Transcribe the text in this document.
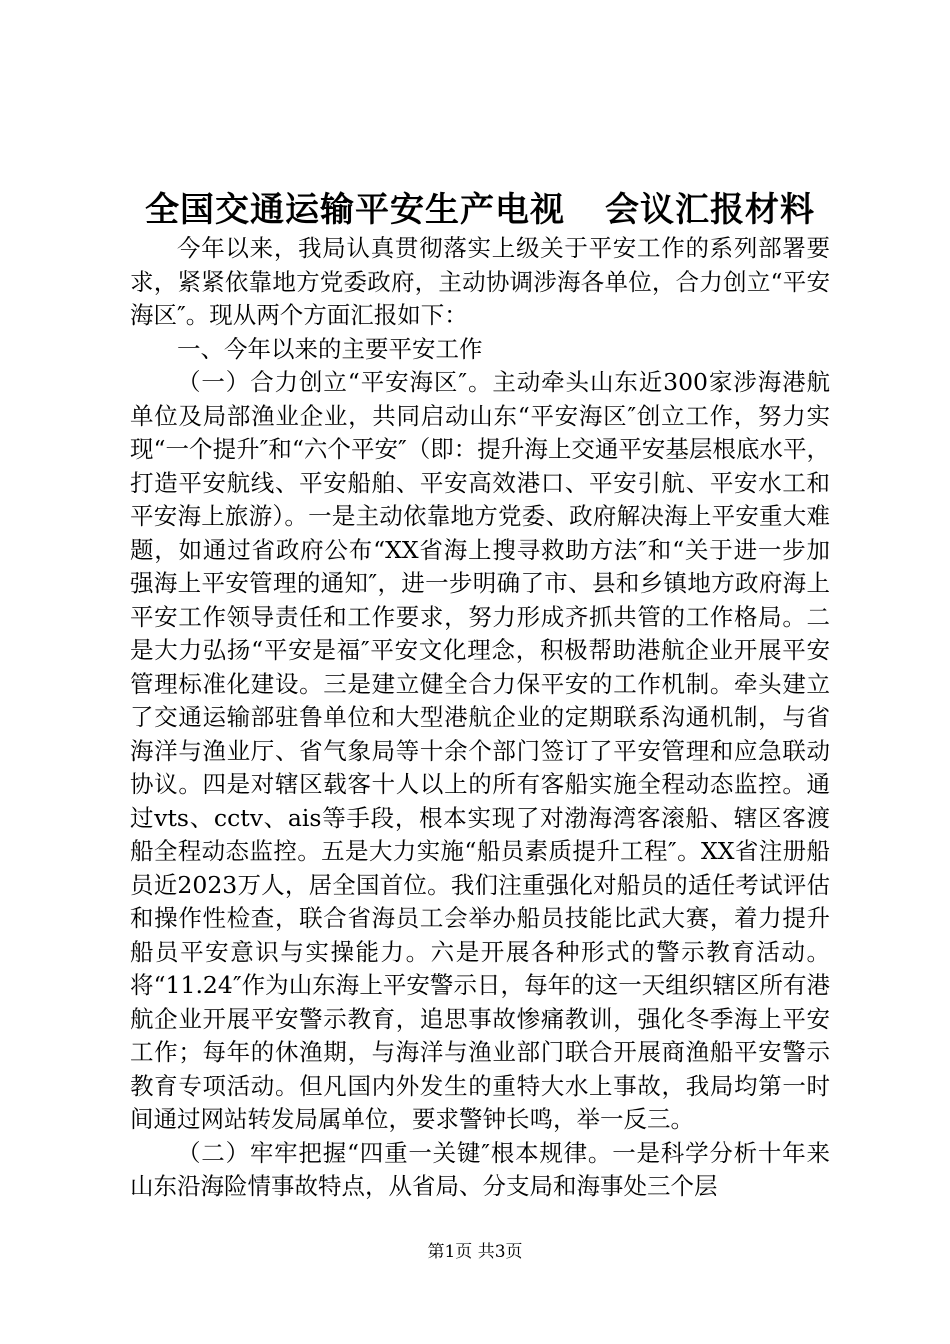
全国交通运输平安生产电视 会议汇报材料

今年以来，我局认真贯彻落实上级关于平安工作的系列部署要求，紧紧依靠地方党委政府，主动协调涉海各单位，合力创立“平安海区″。现从两个方面汇报如下：

一、今年以来的主要平安工作

（一）合力创立“平安海区″。主动牵头山东近300家涉海港航单位及局部渔业企业，共同启动山东“平安海区″创立工作，努力实现“一个提升″和“六个平安″（即：提升海上交通平安基层根底水平，打造平安航线、平安船舶、平安高效港口、平安引航、平安水工和平安海上旅游）。一是主动依靠地方党委、政府解决海上平安重大难题，如通过省政府公布“XX省海上搜寻救助方法″和“关于进一步加强海上平安管理的通知″，进一步明确了市、县和乡镇地方政府海上平安工作领导责任和工作要求，努力形成齐抓共管的工作格局。二是大力弘扬“平安是福″平安文化理念，积极帮助港航企业开展平安管理标准化建设。三是建立健全合力保平安的工作机制。牵头建立了交通运输部驻鲁单位和大型港航企业的定期联系沟通机制，与省海洋与渔业厅、省气象局等十余个部门签订了平安管理和应急联动协议。四是对辖区载客十人以上的所有客船实施全程动态监控。通过vts、cctv、ais等手段，根本实现了对渤海湾客滚船、辖区客渡船全程动态监控。五是大力实施“船员素质提升工程″。XX省注册船员近2023万人，居全国首位。我们注重强化对船员的适任考试评估和操作性检查，联合省海员工会举办船员技能比武大赛，着力提升船员平安意识与实操能力。六是开展各种形式的警示教育活动。将“11.24″作为山东海上平安警示日，每年的这一天组织辖区所有港航企业开展平安警示教育，追思事故惨痛教训，强化冬季海上平安工作；每年的休渔期，与海洋与渔业部门联合开展商渔船平安警示教育专项活动。但凡国内外发生的重特大水上事故，我局均第一时间通过网站转发局属单位，要求警钟长鸣，举一反三。

（二）牢牢把握“四重一关键″根本规律。一是科学分析十年来山东沿海险情事故特点，从省局、分支局和海事处三个层

第1页 共3页
